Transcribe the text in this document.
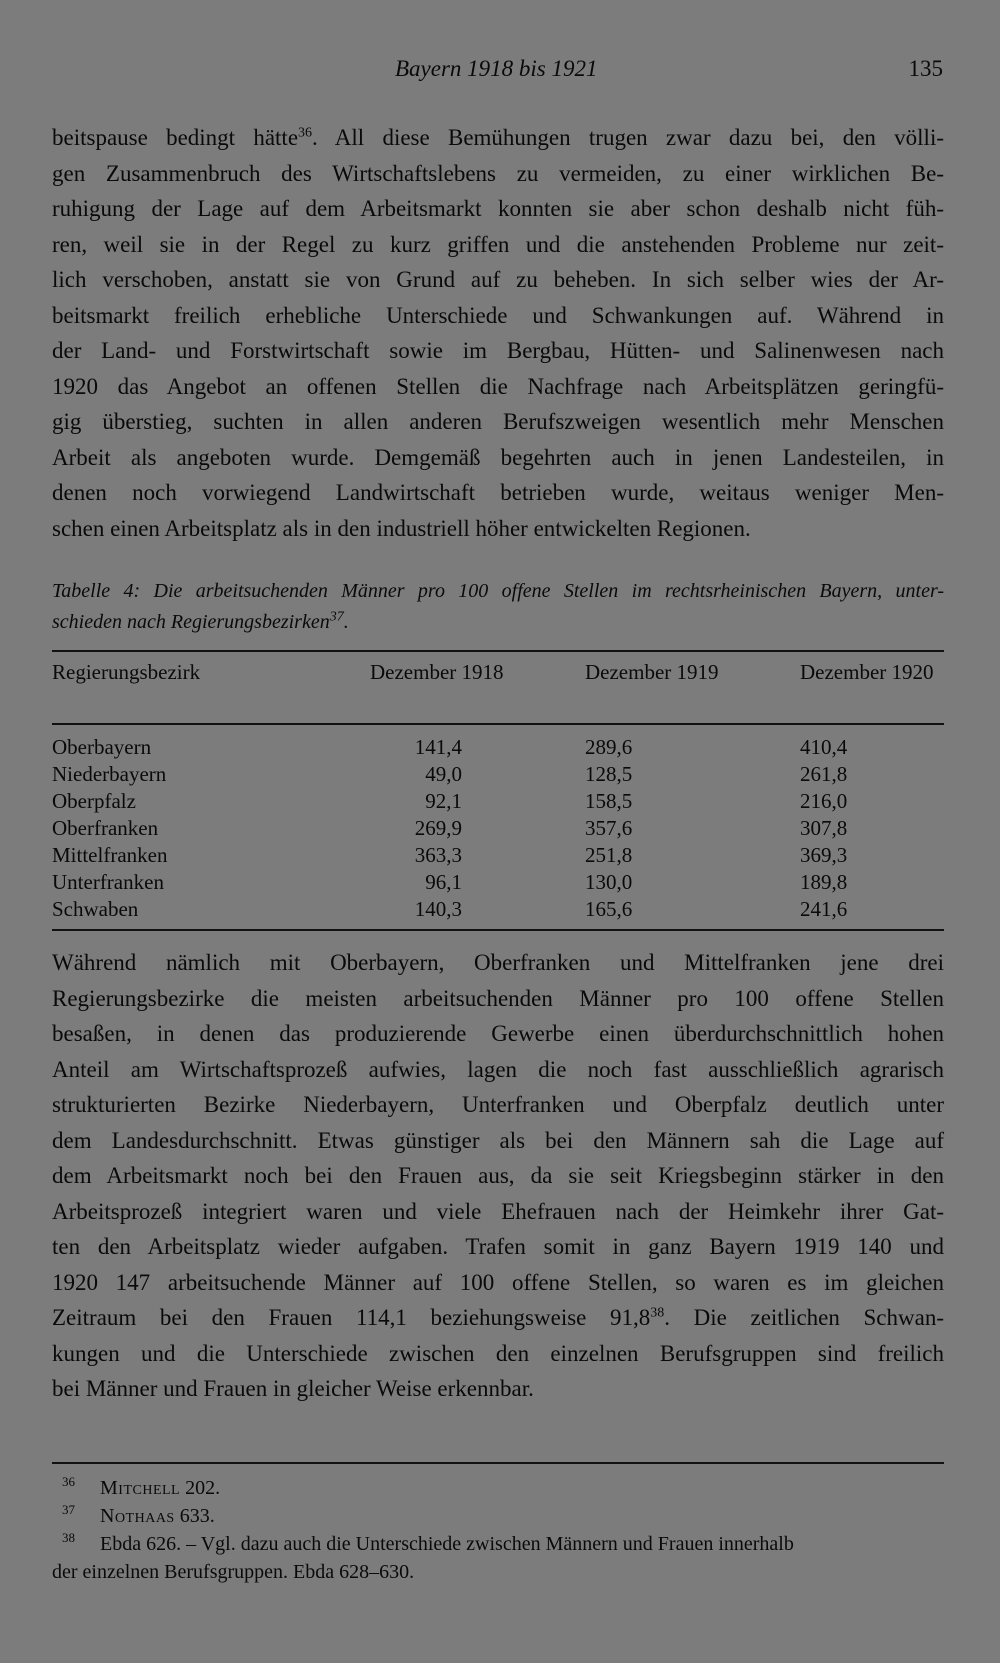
Bayern 1918 bis 1921	135
beitspause bedingt hätte$^{36}$. All diese Bemühungen trugen zwar dazu bei, den völli-
gen Zusammenbruch des Wirtschaftslebens zu vermeiden, zu einer wirklichen Be-
ruhigung der Lage auf dem Arbeitsmarkt konnten sie aber schon deshalb nicht füh-
ren, weil sie in der Regel zu kurz griffen und die anstehenden Probleme nur zeit-
lich verschoben, anstatt sie von Grund auf zu beheben. In sich selber wies der Ar-
beitsmarkt freilich erhebliche Unterschiede und Schwankungen auf. Während in
der Land- und Forstwirtschaft sowie im Bergbau, Hütten- und Salinenwesen nach
1920 das Angebot an offenen Stellen die Nachfrage nach Arbeitsplätzen geringfü-
gig überstieg, suchten in allen anderen Berufszweigen wesentlich mehr Menschen
Arbeit als angeboten wurde. Demgemäß begehrten auch in jenen Landesteilen, in
denen noch vorwiegend Landwirtschaft betrieben wurde, weitaus weniger Men-
schen einen Arbeitsplatz als in den industriell höher entwickelten Regionen.
Tabelle 4: Die arbeitsuchenden Männer pro 100 offene Stellen im rechtsrheinischen Bayern, unter-
schieden nach Regierungsbezirken$^{37}$.
Regierungsbezirk	Dezember 1918	Dezember 1919	Dezember 1920
Oberbayern	141,4	289,6	410,4
Niederbayern	49,0	128,5	261,8
Oberpfalz	92,1	158,5	216,0
Oberfranken	269,9	357,6	307,8
Mittelfranken	363,3	251,8	369,3
Unterfranken	96,1	130,0	189,8
Schwaben	140,3	165,6	241,6
Während nämlich mit Oberbayern, Oberfranken und Mittelfranken jene drei
Regierungsbezirke die meisten arbeitsuchenden Männer pro 100 offene Stellen
besaßen, in denen das produzierende Gewerbe einen überdurchschnittlich hohen
Anteil am Wirtschaftsprozeß aufwies, lagen die noch fast ausschließlich agrarisch
strukturierten Bezirke Niederbayern, Unterfranken und Oberpfalz deutlich unter
dem Landesdurchschnitt. Etwas günstiger als bei den Männern sah die Lage auf
dem Arbeitsmarkt noch bei den Frauen aus, da sie seit Kriegsbeginn stärker in den
Arbeitsprozeß integriert waren und viele Ehefrauen nach der Heimkehr ihrer Gat-
ten den Arbeitsplatz wieder aufgaben. Trafen somit in ganz Bayern 1919 140 und
1920 147 arbeitsuchende Männer auf 100 offene Stellen, so waren es im gleichen
Zeitraum bei den Frauen 114,1 beziehungsweise 91,8$^{38}$. Die zeitlichen Schwan-
kungen und die Unterschiede zwischen den einzelnen Berufsgruppen sind freilich
bei Männer und Frauen in gleicher Weise erkennbar.
36 Mitchell 202.
37 Nothaas 633.
38 Ebda 626. – Vgl. dazu auch die Unterschiede zwischen Männern und Frauen innerhalb
der einzelnen Berufsgruppen. Ebda 628–630.
